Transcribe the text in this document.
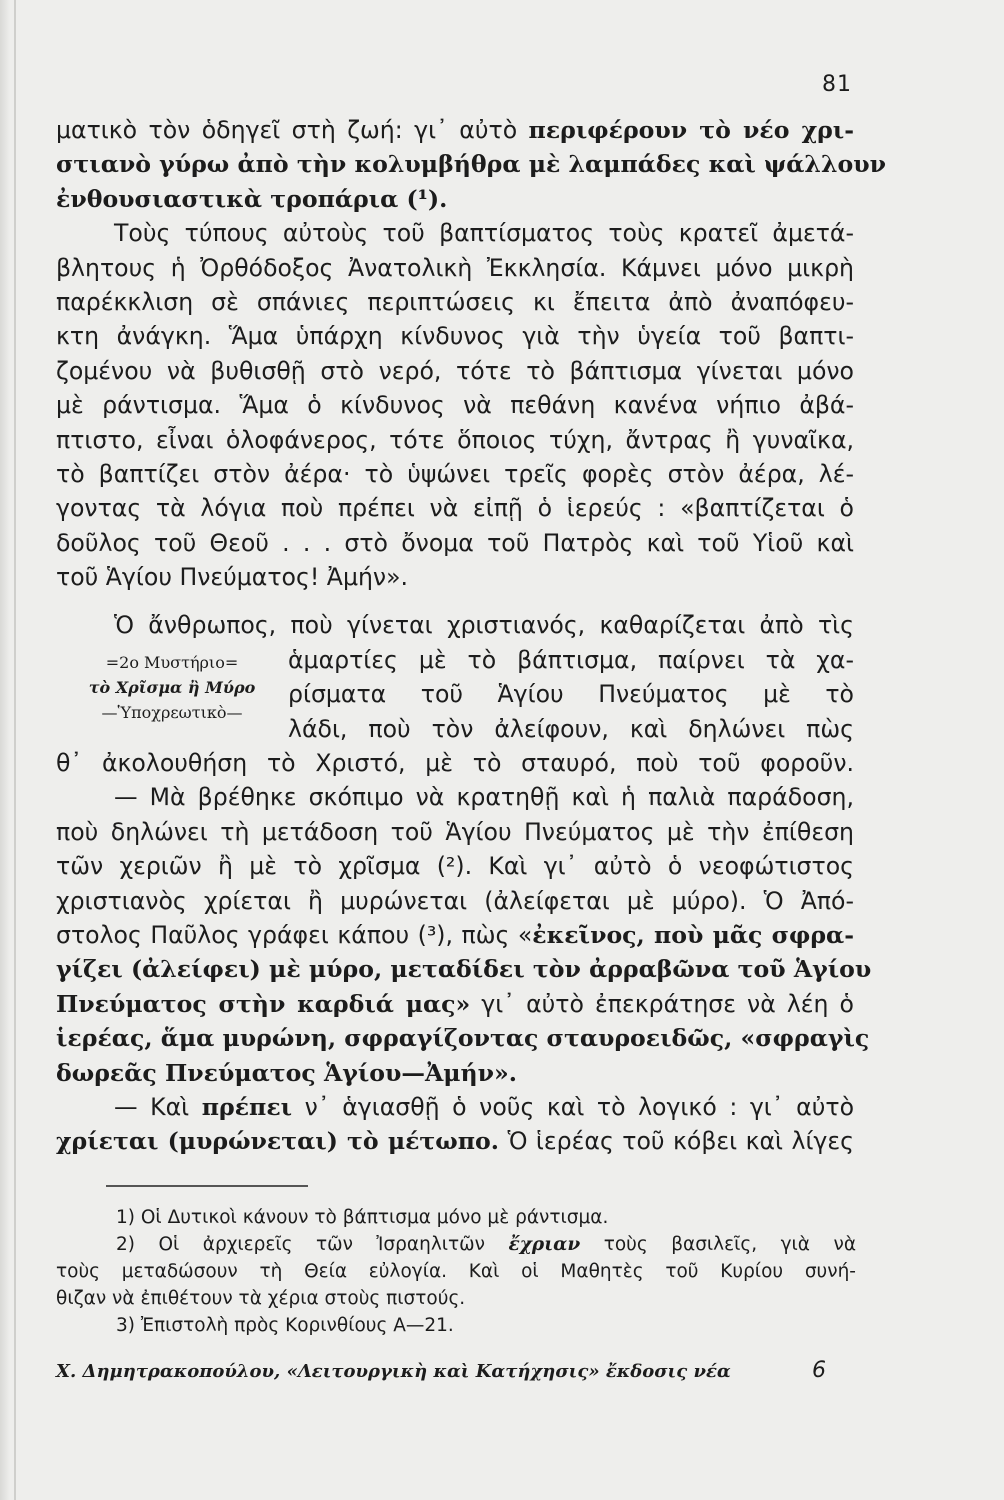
81
ματικὸ τὸν ὁδηγεῖ στὴ ζωή: γι᾿ αὐτὸ περιφέρουν τὸ νέο χρι-
στιανὸ γύρω ἀπὸ τὴν κολυμβήθρα μὲ λαμπάδες καὶ ψάλλουν
ἐνθουσιαστικὰ τροπάρια (¹).
Τοὺς τύπους αὐτοὺς τοῦ βαπτίσματος τοὺς κρατεῖ ἀμετά-
βλητους ἡ Ὀρθόδοξος Ἀνατολικὴ Ἐκκλησία. Κάμνει μόνο μικρὴ
παρέκκλιση σὲ σπάνιες περιπτώσεις κι ἔπειτα ἀπὸ ἀναπόφευ-
κτη ἀνάγκη. Ἅμα ὑπάρχη κίνδυνος γιὰ τὴν ὑγεία τοῦ βαπτι-
ζομένου νὰ βυθισθῇ στὸ νερό, τότε τὸ βάπτισμα γίνεται μόνο
μὲ ράντισμα. Ἅμα ὁ κίνδυνος νὰ πεθάνη κανένα νήπιο ἀβά-
πτιστο, εἶναι ὁλοφάνερος, τότε ὅποιος τύχη, ἄντρας ἢ γυναῖκα,
τὸ βαπτίζει στὸν ἀέρα· τὸ ὑψώνει τρεῖς φορὲς στὸν ἀέρα, λέ-
γοντας τὰ λόγια ποὺ πρέπει νὰ εἰπῇ ὁ ἱερεύς : «βαπτίζεται ὁ
δοῦλος τοῦ Θεοῦ . . . στὸ ὄνομα τοῦ Πατρὸς καὶ τοῦ Υἱοῦ καὶ
τοῦ Ἁγίου Πνεύματος! Ἀμήν».
Ὁ ἄνθρωπος, ποὺ γίνεται χριστιανός, καθαρίζεται ἀπὸ τὶς
=2ο Μυστήριο=
τὸ Χρῖσμα ἢ Μύρο
—Ὑποχρεωτικὸ—
ἁμαρτίες μὲ τὸ βάπτισμα, παίρνει τὰ χα-
ρίσματα τοῦ Ἁγίου Πνεύματος μὲ τὸ
λάδι, ποὺ τὸν ἀλείφουν, καὶ δηλώνει πὼς
θ᾿ ἀκολουθήση τὸ Χριστό, μὲ τὸ σταυρό, ποὺ τοῦ φοροῦν.
— Μὰ βρέθηκε σκόπιμο νὰ κρατηθῇ καὶ ἡ παλιὰ παράδοση,
ποὺ δηλώνει τὴ μετάδοση τοῦ Ἁγίου Πνεύματος μὲ τὴν ἐπίθεση
τῶν χεριῶν ἢ μὲ τὸ χρῖσμα (²). Καὶ γι᾿ αὐτὸ ὁ νεοφώτιστος
χριστιανὸς χρίεται ἢ μυρώνεται (ἀλείφεται μὲ μύρο). Ὁ Ἀπό-
στολος Παῦλος γράφει κάπου (³), πὼς «ἐκεῖνος, ποὺ μᾶς σφρα-
γίζει (ἀλείφει) μὲ μύρο, μεταδίδει τὸν ἀρραβῶνα τοῦ Ἁγίου
Πνεύματος στὴν καρδιά μας» γι᾿ αὐτὸ ἐπεκράτησε νὰ λέη ὁ
ἱερέας, ἅμα μυρώνη, σφραγίζοντας σταυροειδῶς, «σφραγὶς
δωρεᾶς Πνεύματος Ἁγίου—Ἀμήν».
— Καὶ πρέπει ν᾿ ἁγιασθῇ ὁ νοῦς καὶ τὸ λογικό : γι᾿ αὐτὸ
χρίεται (μυρώνεται) τὸ μέτωπο. Ὁ ἱερέας τοῦ κόβει καὶ λίγες
1) Οἱ Δυτικοὶ κάνουν τὸ βάπτισμα μόνο μὲ ράντισμα.
2) Οἱ ἀρχιερεῖς τῶν Ἰσραηλιτῶν ἔχριαν τοὺς βασιλεῖς, γιὰ νὰ
τοὺς μεταδώσουν τὴ Θεία εὐλογία. Καὶ οἱ Μαθητὲς τοῦ Κυρίου συνή-
θιζαν νὰ ἐπιθέτουν τὰ χέρια στοὺς πιστούς.
3) Ἐπιστολὴ πρὸς Κορινθίους Α—21.
Χ. Δημητρακοπούλου, «Λειτουργικὴ καὶ Κατήχησις» ἔκδοσις νέα	6
